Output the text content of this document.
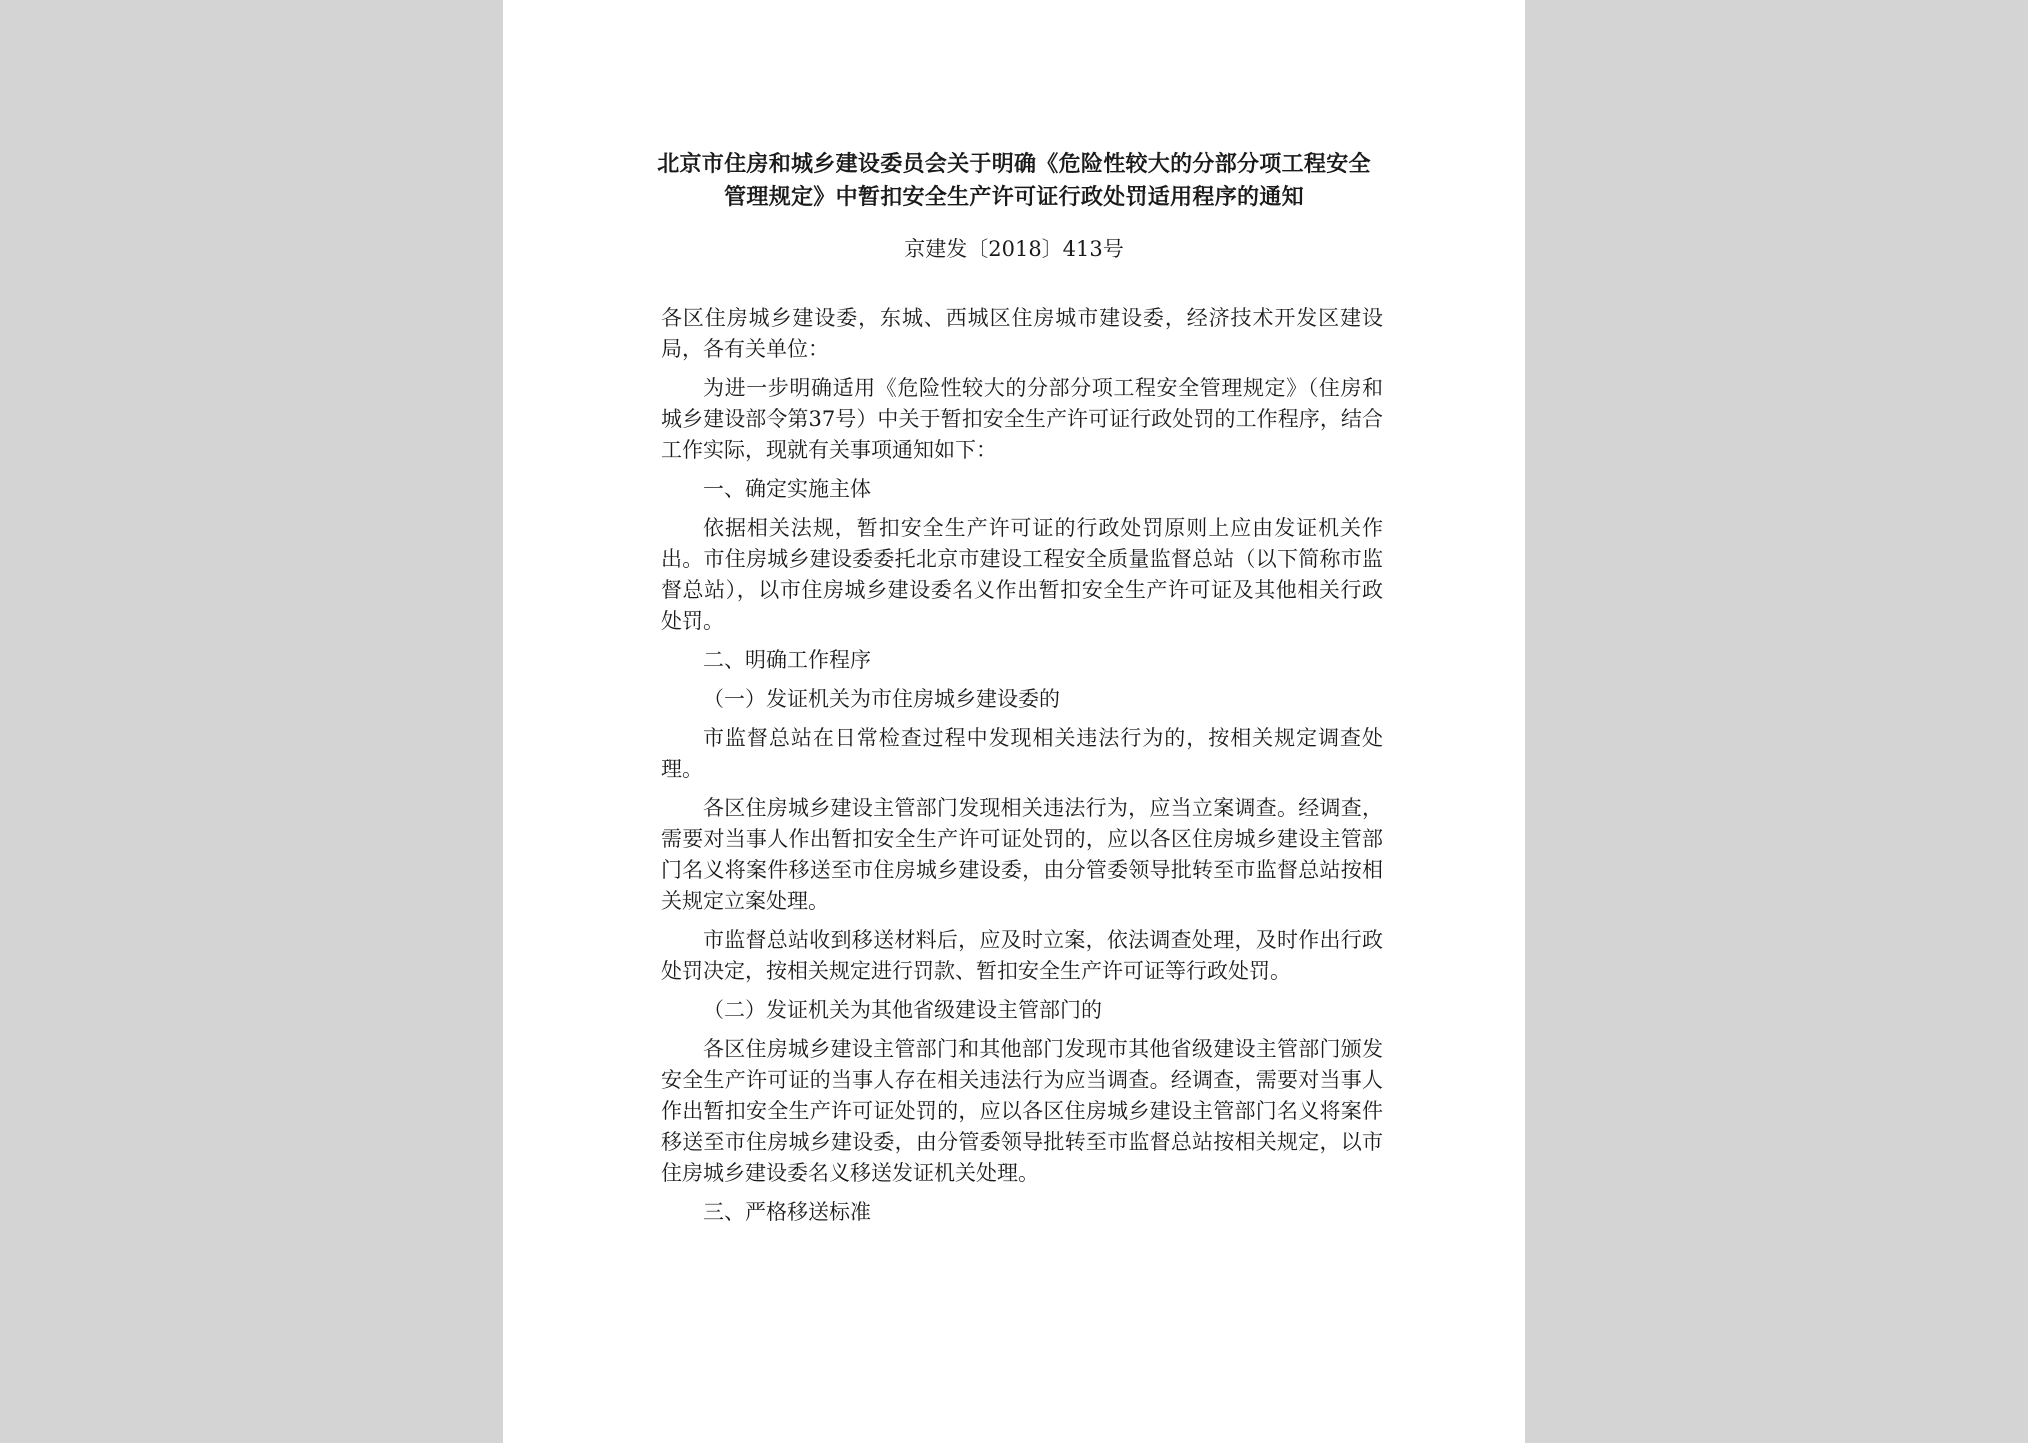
北京市住房和城乡建设委员会关于明确《危险性较大的分部分项工程安全管理规定》中暂扣安全生产许可证行政处罚适用程序的通知
京建发〔2018〕413号

各区住房城乡建设委，东城、西城区住房城市建设委，经济技术开发区建设局，各有关单位：

为进一步明确适用《危险性较大的分部分项工程安全管理规定》（住房和城乡建设部令第37号）中关于暂扣安全生产许可证行政处罚的工作程序，结合工作实际，现就有关事项通知如下：

一、确定实施主体

依据相关法规，暂扣安全生产许可证的行政处罚原则上应由发证机关作出。市住房城乡建设委委托北京市建设工程安全质量监督总站（以下简称市监督总站），以市住房城乡建设委名义作出暂扣安全生产许可证及其他相关行政处罚。

二、明确工作程序

（一）发证机关为市住房城乡建设委的

市监督总站在日常检查过程中发现相关违法行为的，按相关规定调查处理。

各区住房城乡建设主管部门发现相关违法行为，应当立案调查。经调查，需要对当事人作出暂扣安全生产许可证处罚的，应以各区住房城乡建设主管部门名义将案件移送至市住房城乡建设委，由分管委领导批转至市监督总站按相关规定立案处理。

市监督总站收到移送材料后，应及时立案，依法调查处理，及时作出行政处罚决定，按相关规定进行罚款、暂扣安全生产许可证等行政处罚。

（二）发证机关为其他省级建设主管部门的

各区住房城乡建设主管部门和其他部门发现市其他省级建设主管部门颁发安全生产许可证的当事人存在相关违法行为应当调查。经调查，需要对当事人作出暂扣安全生产许可证处罚的，应以各区住房城乡建设主管部门名义将案件移送至市住房城乡建设委，由分管委领导批转至市监督总站按相关规定，以市住房城乡建设委名义移送发证机关处理。

三、严格移送标准
